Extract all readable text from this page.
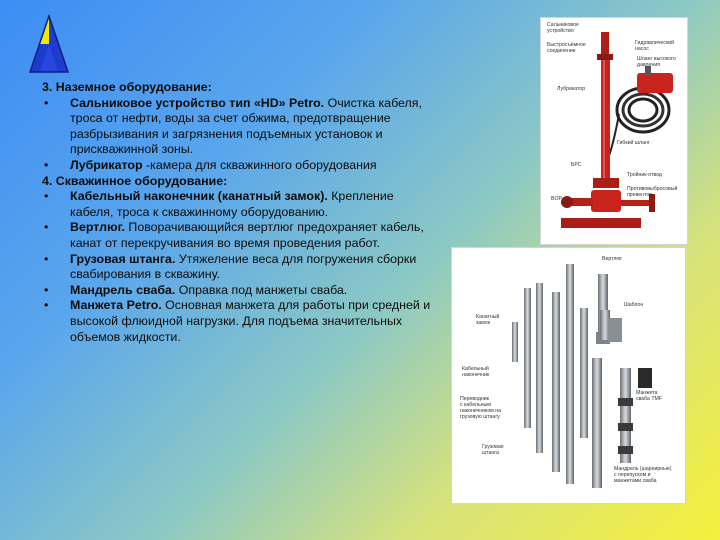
3. Наземное оборудование:
• Сальниковое устройство тип «HD» Petro. Очистка кабеля, троса от нефти, воды за счет обжима, предотвращение разбрызивания и загрязнения подъемных установок и прискважинной зоны.
• Лубрикатор -камера для скважинного оборудования
4. Скважинное оборудование:
• Кабельный наконечник (канатный замок). Крепление кабеля, троса к скважинному оборудованию.
• Вертлюг. Поворачивающийся вертлюг предохраняет кабель, канат от перекручивания во время проведения работ.
• Грузовая штанга. Утяжеление веса для погружения сборки свабирования в скважину.
• Мандрель сваба. Оправка под манжеты сваба.
• Манжета Petro. Основная манжета для работы при средней и высокой флюидной нагрузки. Для подъема значительных объемов жидкости.
Сальниковое
устройство
Быстросъёмное
соединение
Лубрикатор
Гидравлический
насос
Шланг высокого
давления
Гибкий шланг
БРС
Тройник-отвод
Противовыбросовый
превентор
BOP
Вертлюг
Канатный
замок
Шаблон
Кабельный
наконечник
Переводник
с кабельным
наконечником на
грузовую штангу
Грузовая
штанга
Манжета
сваба TMF
Мандрель (шарнирные)
с перепуском и
манжетами сваба
